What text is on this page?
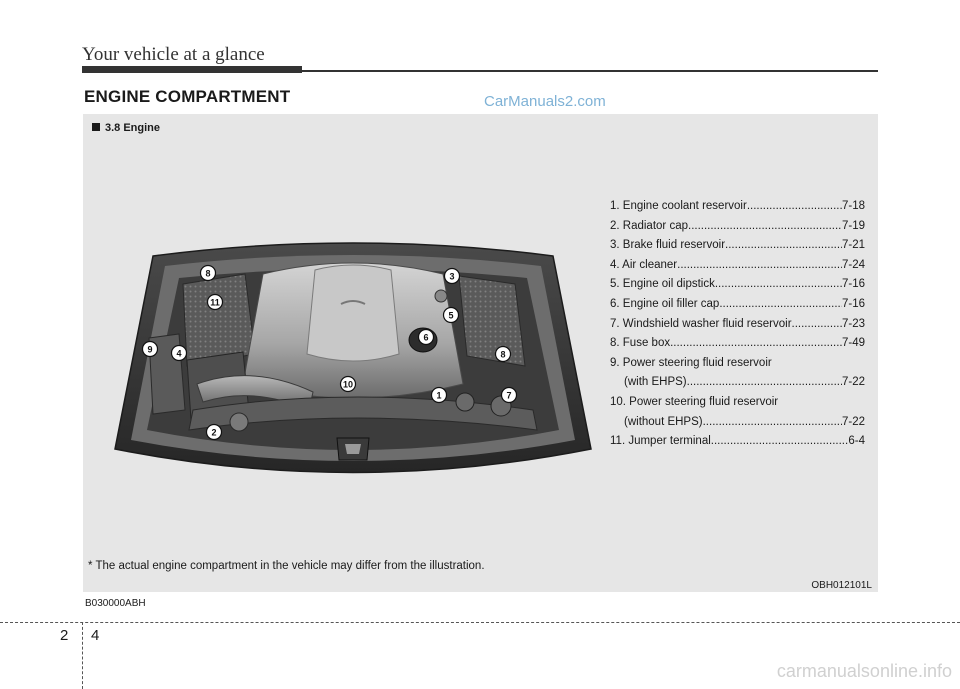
Your vehicle at a glance
ENGINE COMPARTMENT	CarManuals2.com
3.8 Engine
8
11
3
5
6
9	4	8
10
1	7
2
1. Engine coolant reservoir .....	7-18
2. Radiator cap .....	7-19
3. Brake fluid reservoir .....	7-21
4. Air cleaner .....	7-24
5. Engine oil dipstick .....	7-16
6. Engine oil filler cap .....	7-16
7. Windshield washer fluid reservoir .....	7-23
8. Fuse box .....	7-49
9. Power steering fluid reservoir
(with EHPS) .....	7-22
10. Power steering fluid reservoir
(without EHPS) .....	7-22
11. Jumper terminal .....	6-4
* The actual engine compartment in the vehicle may differ from the illustration.
OBH012101L
B030000ABH
2 4
carmanualsonline.info
